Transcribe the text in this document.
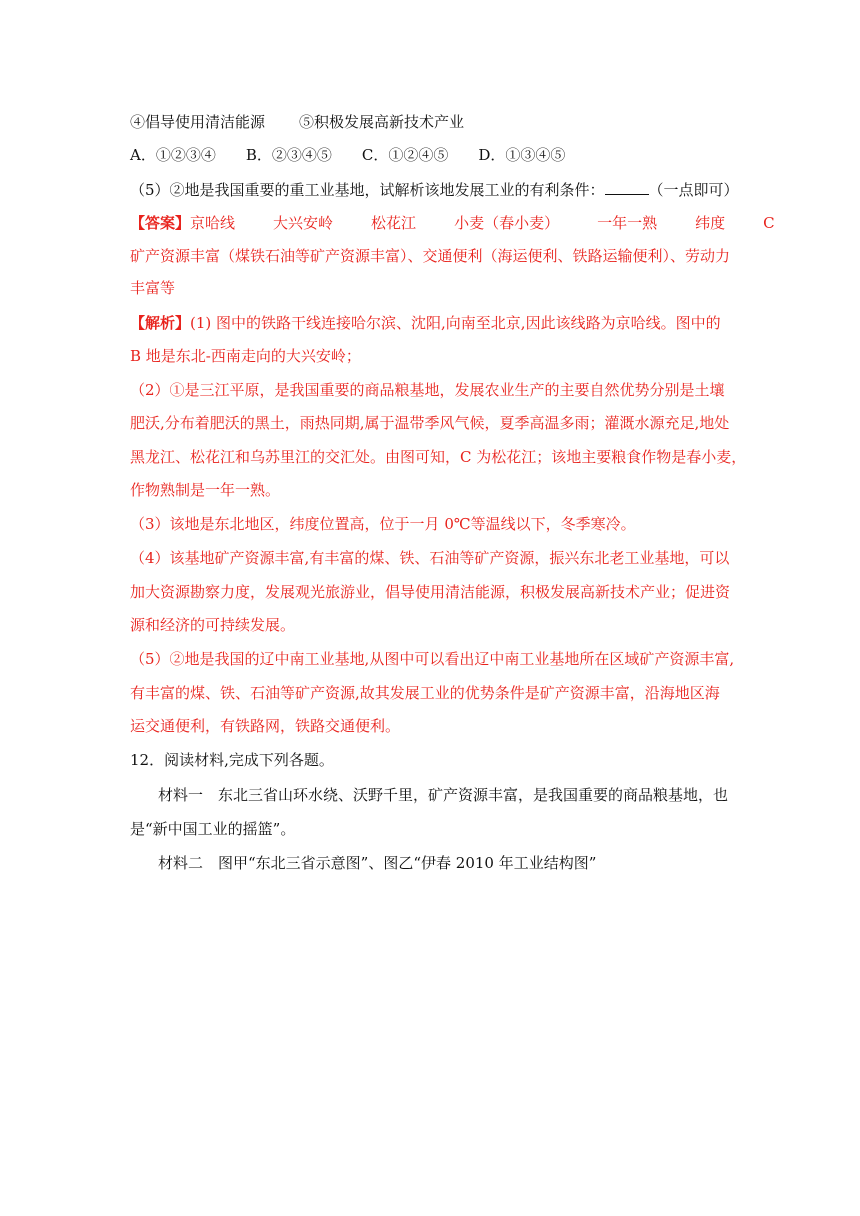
④倡导使用清洁能源 ⑤积极发展高新技术产业
A．①②③④ B．②③④⑤ C．①②④⑤ D．①③④⑤
（5）②地是我国重要的重工业基地，试解析该地发展工业的有利条件：	（一点即可）
【答案】京哈线	大兴安岭	松花江	小麦（春小麦）	一年一熟	纬度	C
矿产资源丰富（煤铁石油等矿产资源丰富）、交通便利（海运便利、铁路运输便利）、劳动力
丰富等
【解析】(1) 图中的铁路干线连接哈尔滨、沈阳,向南至北京,因此该线路为京哈线。图中的
B 地是东北-西南走向的大兴安岭；
（2）①是三江平原，是我国重要的商品粮基地，发展农业生产的主要自然优势分别是土壤
肥沃,分布着肥沃的黑土，雨热同期,属于温带季风气候，夏季高温多雨；灌溉水源充足,地处
黑龙江、松花江和乌苏里江的交汇处。由图可知，C 为松花江；该地主要粮食作物是春小麦，
作物熟制是一年一熟。
（3）该地是东北地区，纬度位置高，位于一月 0℃等温线以下，冬季寒冷。
（4）该基地矿产资源丰富,有丰富的煤、铁、石油等矿产资源，振兴东北老工业基地，可以
加大资源勘察力度，发展观光旅游业，倡导使用清洁能源，积极发展高新技术产业；促进资
源和经济的可持续发展。
（5）②地是我国的辽中南工业基地,从图中可以看出辽中南工业基地所在区域矿产资源丰富,
有丰富的煤、铁、石油等矿产资源,故其发展工业的优势条件是矿产资源丰富，沿海地区海
运交通便利，有铁路网，铁路交通便利。
12．阅读材料,完成下列各题。
材料一　东北三省山环水绕、沃野千里，矿产资源丰富，是我国重要的商品粮基地，也
是“新中国工业的摇篮”。
材料二　图甲“东北三省示意图”、图乙“伊春 2010 年工业结构图”
